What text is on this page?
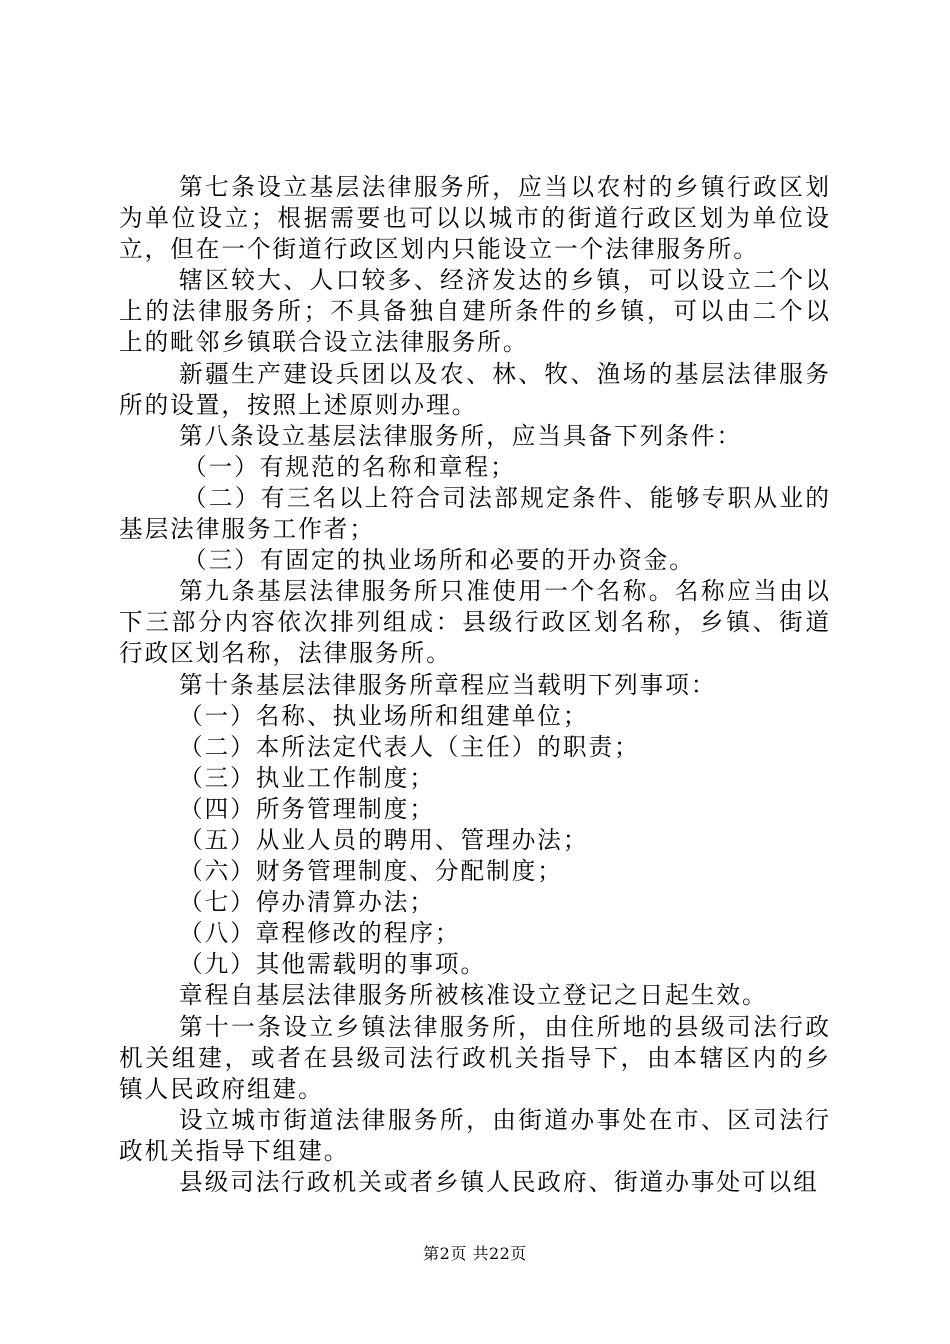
第七条设立基层法律服务所，应当以农村的乡镇行政区划为单位设立；根据需要也可以以城市的街道行政区划为单位设立，但在一个街道行政区划内只能设立一个法律服务所。

辖区较大、人口较多、经济发达的乡镇，可以设立二个以上的法律服务所；不具备独自建所条件的乡镇，可以由二个以上的毗邻乡镇联合设立法律服务所。

新疆生产建设兵团以及农、林、牧、渔场的基层法律服务所的设置，按照上述原则办理。

第八条设立基层法律服务所，应当具备下列条件：

（一）有规范的名称和章程；

（二）有三名以上符合司法部规定条件、能够专职从业的基层法律服务工作者；

（三）有固定的执业场所和必要的开办资金。

第九条基层法律服务所只准使用一个名称。名称应当由以下三部分内容依次排列组成：县级行政区划名称，乡镇、街道行政区划名称，法律服务所。

第十条基层法律服务所章程应当载明下列事项：

（一）名称、执业场所和组建单位；

（二）本所法定代表人（主任）的职责；

（三）执业工作制度；

（四）所务管理制度；

（五）从业人员的聘用、管理办法；

（六）财务管理制度、分配制度；

（七）停办清算办法；

（八）章程修改的程序；

（九）其他需载明的事项。

章程自基层法律服务所被核准设立登记之日起生效。

第十一条设立乡镇法律服务所，由住所地的县级司法行政机关组建，或者在县级司法行政机关指导下，由本辖区内的乡镇人民政府组建。

设立城市街道法律服务所，由街道办事处在市、区司法行政机关指导下组建。

县级司法行政机关或者乡镇人民政府、街道办事处可以组

第2页 共22页
